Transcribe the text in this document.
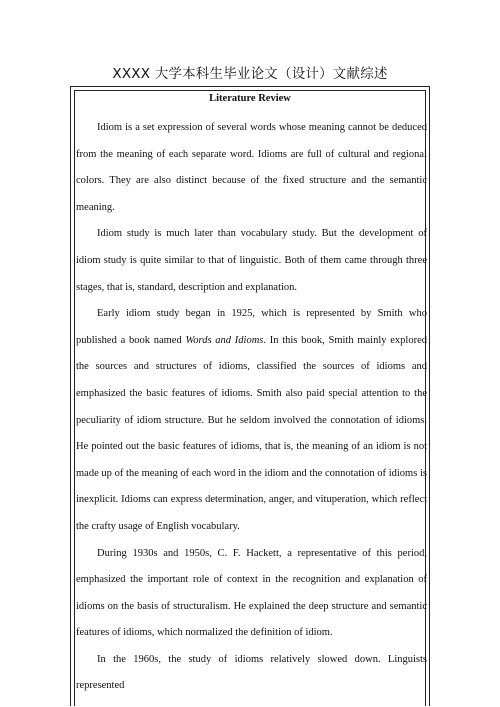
XXXX 大学本科生毕业论文（设计）文献综述
Literature Review

Idiom is a set expression of several words whose meaning cannot be deduced from the meaning of each separate word. Idioms are full of cultural and regional colors. They are also distinct because of the fixed structure and the semantic meaning.

Idiom study is much later than vocabulary study. But the development of idiom study is quite similar to that of linguistic. Both of them came through three stages, that is, standard, description and explanation.

Early idiom study began in 1925, which is represented by Smith who published a book named Words and Idioms. In this book, Smith mainly explored the sources and structures of idioms, classified the sources of idioms and emphasized the basic features of idioms. Smith also paid special attention to the peculiarity of idiom structure. But he seldom involved the connotation of idioms. He pointed out the basic features of idioms, that is, the meaning of an idiom is not made up of the meaning of each word in the idiom and the connotation of idioms is inexplicit. Idioms can express determination, anger, and vituperation, which reflect the crafty usage of English vocabulary.

During 1930s and 1950s, C. F. Hackett, a representative of this period, emphasized the important role of context in the recognition and explanation of idioms on the basis of structuralism. He explained the deep structure and semantic features of idioms, which normalized the definition of idiom.

In the 1960s, the study of idioms relatively slowed down. Linguists represented
